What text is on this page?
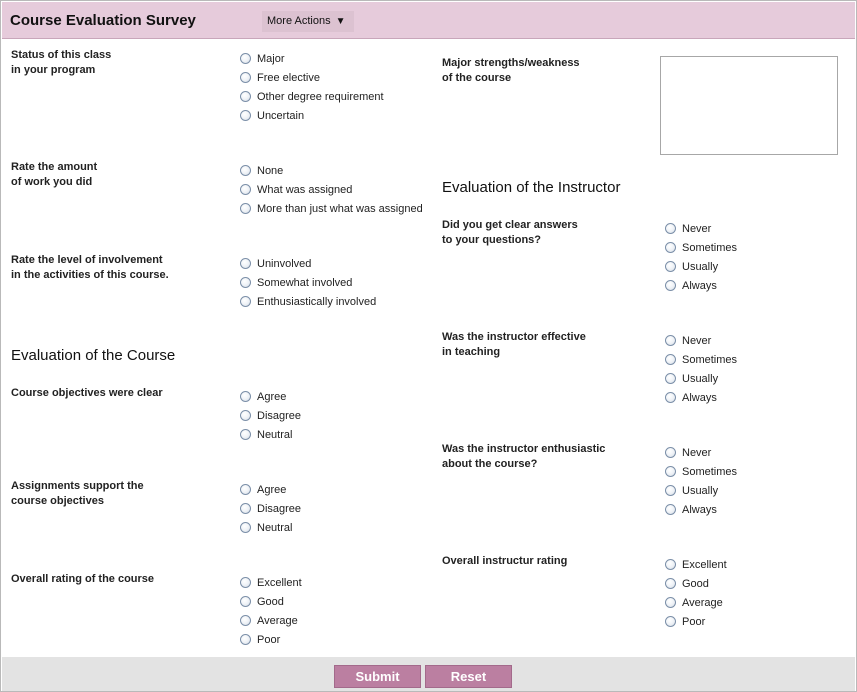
Course Evaluation Survey	More Actions ▼
Status of this class
in your program
Major
Free elective
Other degree requirement
Uncertain
Rate the amount
of work you did
None
What was assigned
More than just what was assigned
Rate the level of involvement
in the activities of this course.
Uninvolved
Somewhat involved
Enthusiastically involved
Evaluation of the Course
Course objectives were clear	Agree
Disagree
Neutral
Assignments support the
course objectives
Agree
Disagree
Neutral
Overall rating of the course	Excellent
Good
Average
Poor
Major strengths/weakness
of the course
Evaluation of the Instructor
Did you get clear answers
to your questions?
Never
Sometimes
Usually
Always
Was the instructor effective
in teaching
Never
Sometimes
Usually
Always
Was the instructor enthusiastic
about the course?
Never
Sometimes
Usually
Always
Overall instructur rating	Excellent
Good
Average
Poor
Submit	Reset
